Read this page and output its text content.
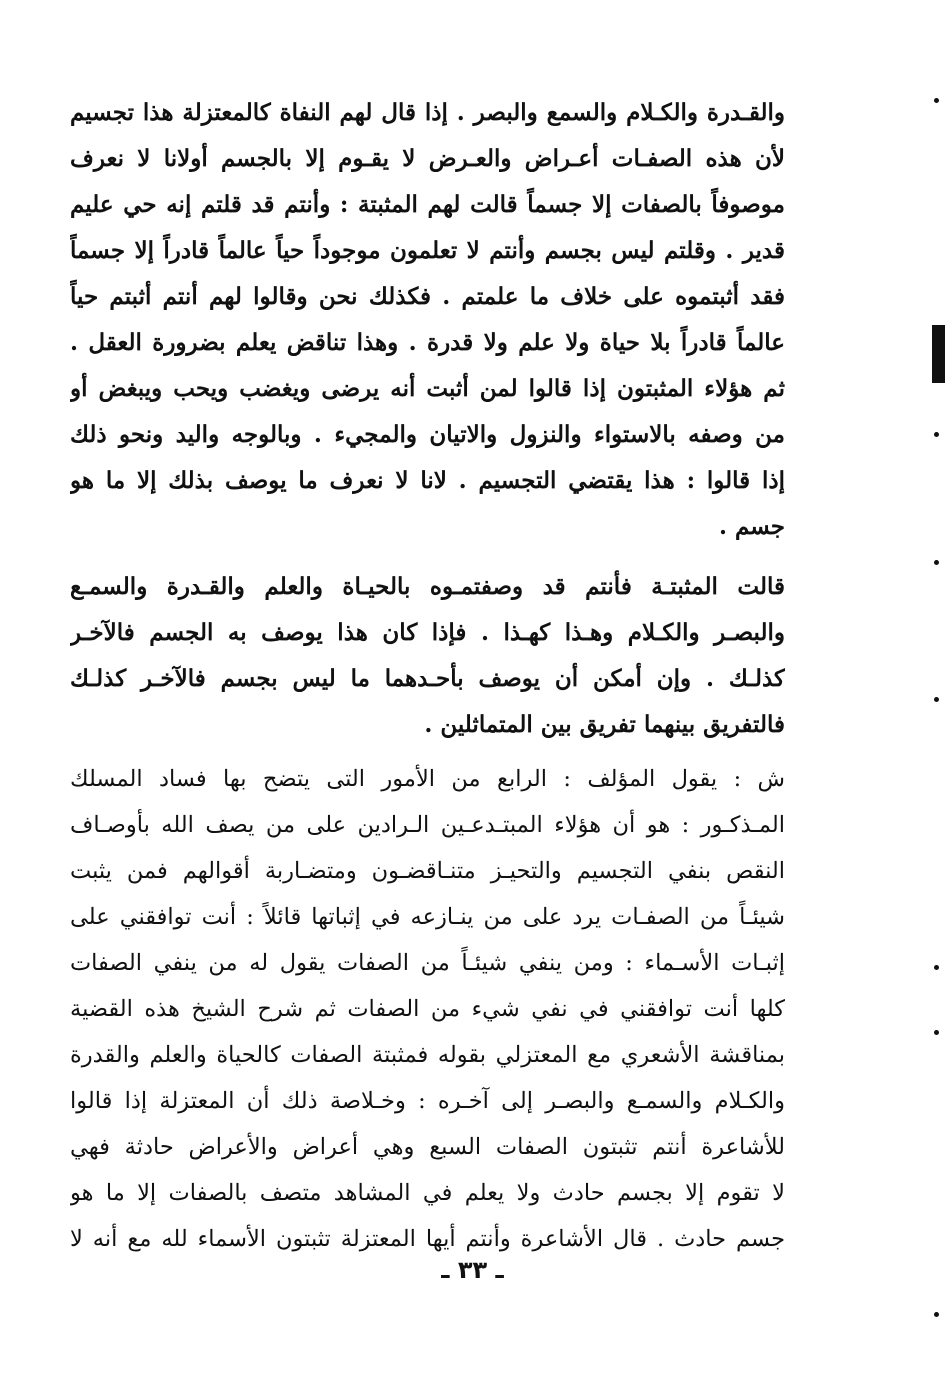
والقـدرة والكـلام والسمع والبصر . إذا قال لهم النفاة كالمعتزلة هذا تجسيم
لأن هذه الصفـات أعـراض والعـرض لا يقـوم إلا بالجسم أولانا لا نعرف
موصوفاً بالصفات إلا جسماً قالت لهم المثبتة : وأنتم قد قلتم إنه حي عليم
قدير . وقلتم ليس بجسم وأنتم لا تعلمون موجوداً حياً عالماً قادراً إلا جسماً
فقد أثبتموه على خلاف ما علمتم . فكذلك نحن وقالوا لهم أنتم أثبتم حياً
عالماً قادراً بلا حياة ولا علم ولا قدرة . وهذا تناقض يعلم بضرورة العقل .
ثم هؤلاء المثبتون إذا قالوا لمن أثبت أنه يرضى ويغضب ويحب ويبغض أو
من وصفه بالاستواء والنزول والاتيان والمجيء . وبالوجه واليد ونحو ذلك
إذا قالوا : هذا يقتضي التجسيم . لانا لا نعرف ما يوصف بذلك إلا ما هو
جسم .
قالت المثبتـة فأنتم قد وصفتمـوه بالحيـاة والعلم والقـدرة والسمـع
والبصـر والكـلام وهـذا كهـذا . فإذا كان هذا يوصف به الجسم فالآخـر
كذلـك . وإن أمكن أن يوصف بأحـدهما ما ليس بجسم فالآخـر كذلـك
فالتفريق بينهما تفريق بين المتماثلين .
ش : يقول المؤلف : الرابع من الأمور التى يتضح بها فساد المسلك
المـذكـور : هو أن هؤلاء المبتـدعـين الـرادين على من يصف الله بأوصـاف
النقص بنفي التجسيم والتحيـز متنـاقضـون ومتضـاربة أقوالهم فمن يثبت
شيئـاً من الصفـات يرد على من ينـازعه في إثباتها قائلاً : أنت توافقني على
إثبـات الأسـماء : ومن ينفي شيئـاً من الصفات يقول له من ينفي الصفات
كلها أنت توافقني في نفي شيء من الصفات ثم شرح الشيخ هذه القضية
بمناقشة الأشعري مع المعتزلي بقوله فمثبتة الصفات كالحياة والعلم والقدرة
والكـلام والسمـع والبصـر إلى آخـره : وخـلاصة ذلك أن المعتزلة إذا قالوا
للأشاعرة أنتم تثبتون الصفات السبع وهي أعراض والأعراض حادثة فهي
لا تقوم إلا بجسم حادث ولا يعلم في المشاهد متصف بالصفات إلا ما هو
جسم حادث . قال الأشاعرة وأنتم أيها المعتزلة تثبتون الأسماء لله مع أنه لا
ـ ٣٣ ـ
